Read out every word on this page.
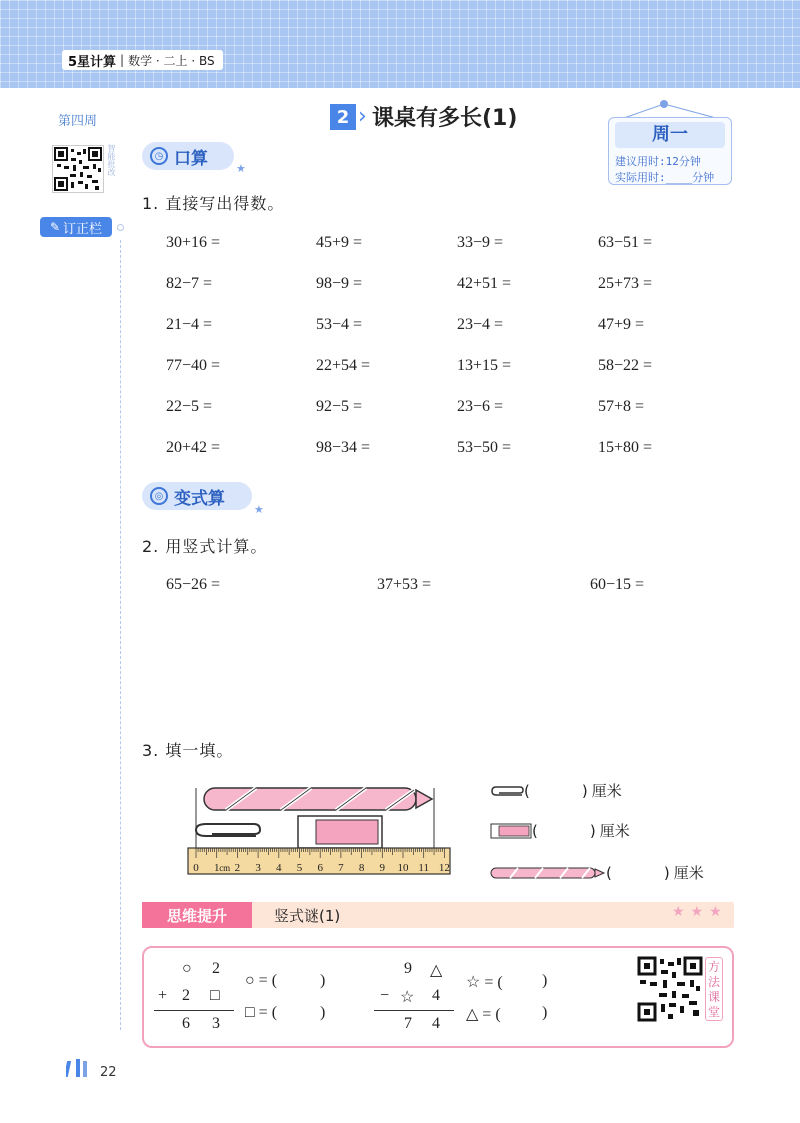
5星计算 | 数学 · 二上 · BS
第四周
智能批改
✎ 订正栏
2 › 课桌有多长(1)
周一
建议用时:12分钟
实际用时:____分钟
◷ 口算	★
1. 直接写出得数。
30+16 =	45+9 =	33−9 =	63−51 =
82−7 =	98−9 =	42+51 =	25+73 =
21−4 =	53−4 =	23−4 =	47+9 =
77−40 =	22+54 =	13+15 =	58−22 =
22−5 =	92−5 =	23−6 =	57+8 =
20+42 =	98−34 =	53−50 =	15+80 =
◎ 变式算
★
2. 用竖式计算。
65−26 =	37+53 =	60−15 =
3. 填一填。
0 1 cm 2 3 4 5 6 7 8 9 10 11 12
(	) 厘米
(	) 厘米
(	) 厘米
思维提升	竖式谜(1)	★★★
○ 2
+ 2 □
6 3
○ = (	)
□ = (	)
9 △
− ☆ 4
7 4
☆ = ( )
△ = (	)
方法课堂
22
